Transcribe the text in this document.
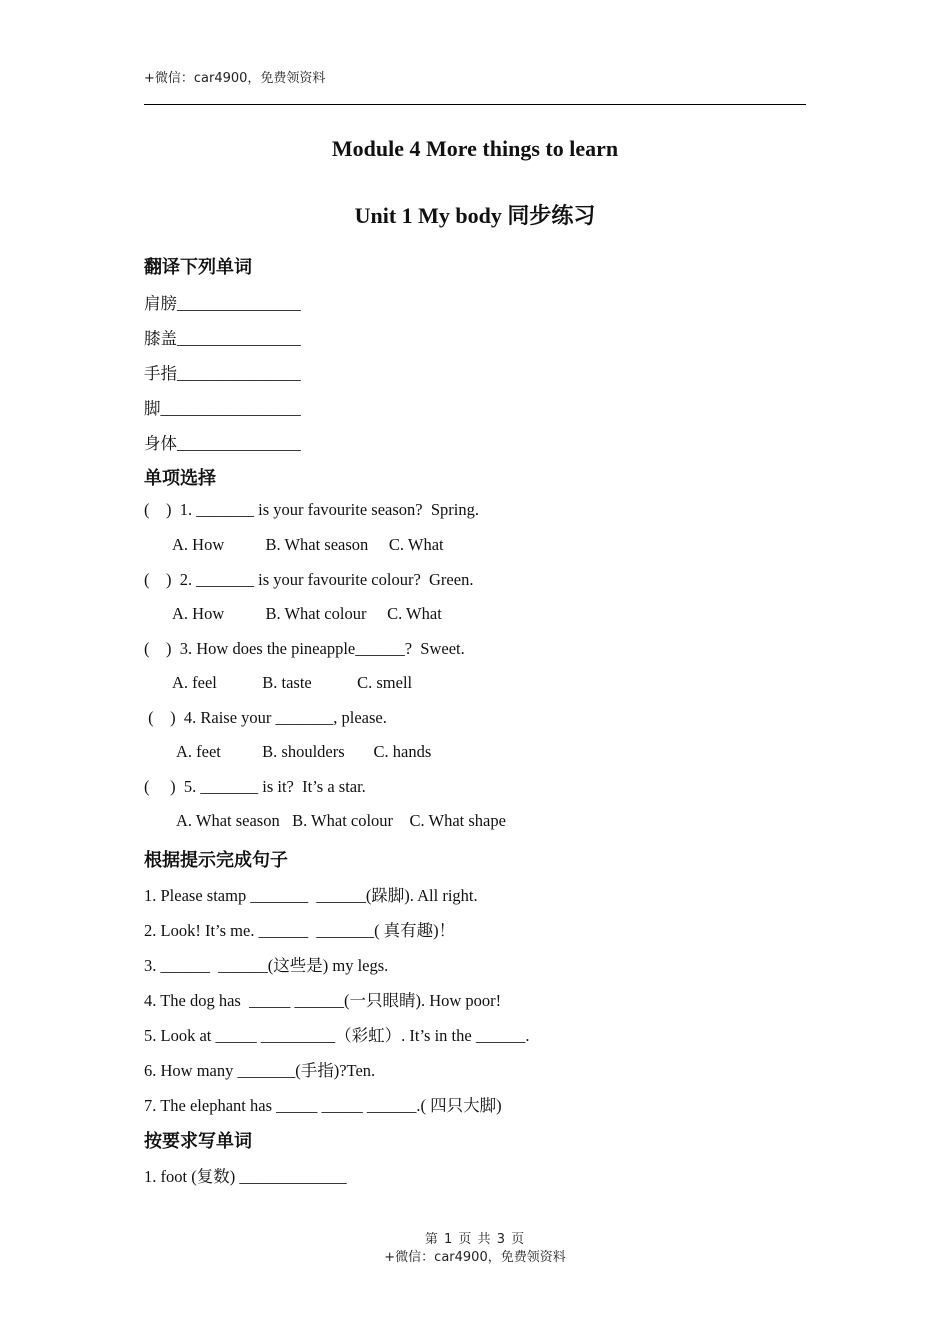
+微信：car4900，免费领资料
Module 4 More things to learn
Unit 1 My body 同步练习
翻译下列单词
肩膀_______________
膝盖_______________
手指_______________
脚_________________
身体_______________
单项选择
(    )  1. _______ is your favourite season?  Spring.
A. How          B. What season     C. What
(    )  2. _______ is your favourite colour?  Green.
A. How          B. What colour     C. What
(    )  3. How does the pineapple______?  Sweet.
A. feel           B. taste           C. smell
(    )  4. Raise your _______, please.
A. feet          B. shoulders       C. hands
(     )  5. _______ is it?  It’s a star.
A. What season   B. What colour    C. What shape
根据提示完成句子
1. Please stamp _______  ______(跺脚). All right.
2. Look! It’s me. ______  _______( 真有趣)！
3. ______  ______(这些是) my legs.
4. The dog has  _____ ______(一只眼睛). How poor!
5. Look at _____ _________（彩虹）. It’s in the ______.
6. How many _______(手指)?Ten.
7. The elephant has _____ _____ ______.( 四只大脚)
按要求写单词
1. foot (复数) _____________
第 1 页 共 3 页
+微信：car4900，免费领资料
